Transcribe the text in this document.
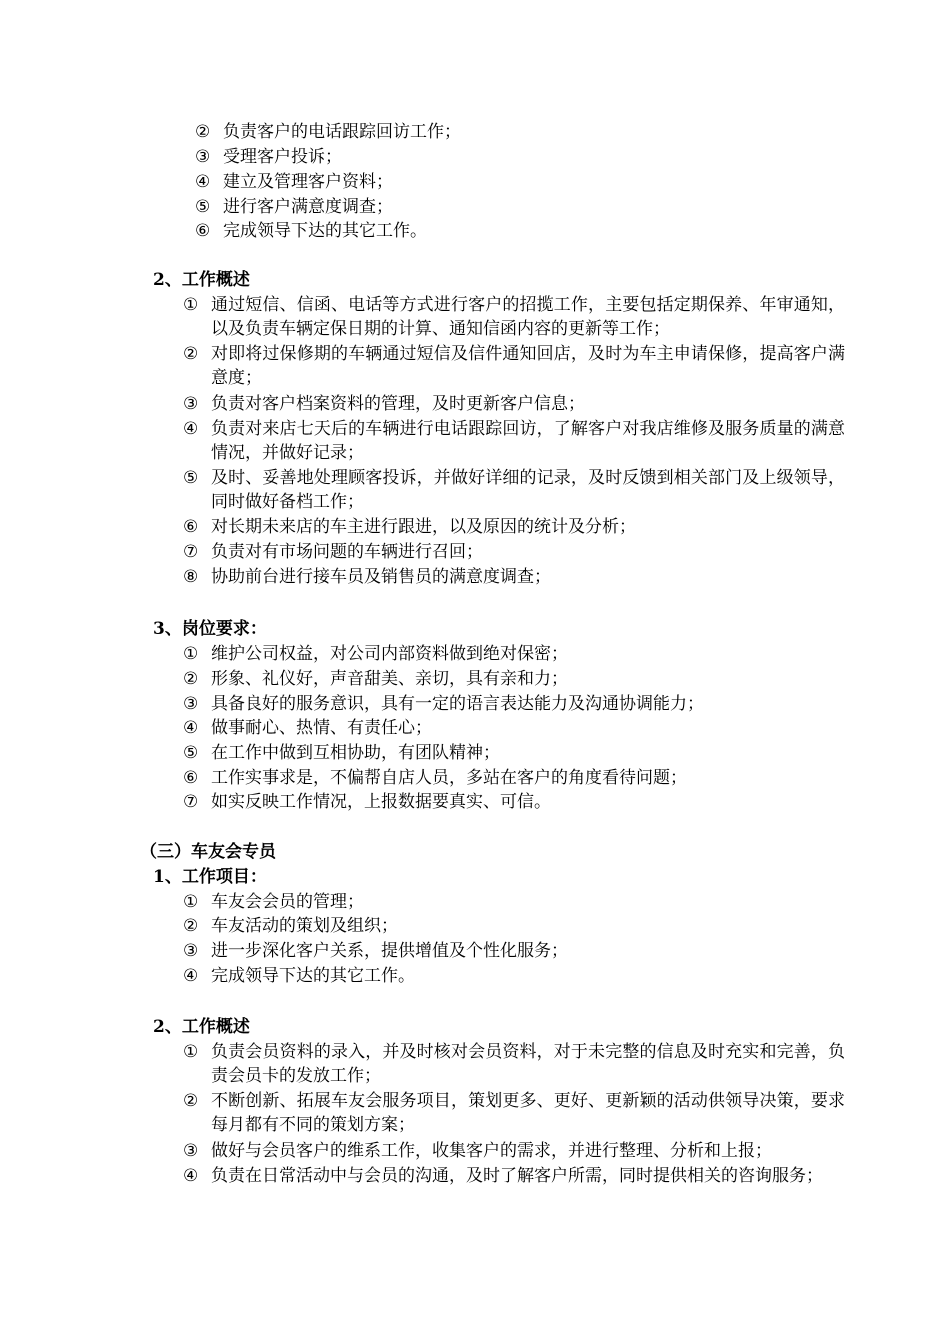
② 负责客户的电话跟踪回访工作；
③ 受理客户投诉；
④ 建立及管理客户资料；
⑤ 进行客户满意度调查；
⑥ 完成领导下达的其它工作。
2、工作概述
① 通过短信、信函、电话等方式进行客户的招揽工作，主要包括定期保养、年审通知，以及负责车辆定保日期的计算、通知信函内容的更新等工作；
② 对即将过保修期的车辆通过短信及信件通知回店，及时为车主申请保修，提高客户满意度；
③ 负责对客户档案资料的管理，及时更新客户信息；
④ 负责对来店七天后的车辆进行电话跟踪回访，了解客户对我店维修及服务质量的满意情况，并做好记录；
⑤ 及时、妥善地处理顾客投诉，并做好详细的记录，及时反馈到相关部门及上级领导，同时做好备档工作；
⑥ 对长期未来店的车主进行跟进，以及原因的统计及分析；
⑦ 负责对有市场问题的车辆进行召回；
⑧ 协助前台进行接车员及销售员的满意度调查；
3、岗位要求：
① 维护公司权益，对公司内部资料做到绝对保密；
② 形象、礼仪好，声音甜美、亲切，具有亲和力；
③ 具备良好的服务意识，具有一定的语言表达能力及沟通协调能力；
④ 做事耐心、热情、有责任心；
⑤ 在工作中做到互相协助，有团队精神；
⑥ 工作实事求是，不偏帮自店人员，多站在客户的角度看待问题；
⑦ 如实反映工作情况，上报数据要真实、可信。
（三）车友会专员
1、工作项目：
① 车友会会员的管理；
② 车友活动的策划及组织；
③ 进一步深化客户关系，提供增值及个性化服务；
④ 完成领导下达的其它工作。
2、工作概述
① 负责会员资料的录入，并及时核对会员资料，对于未完整的信息及时充实和完善，负责会员卡的发放工作；
② 不断创新、拓展车友会服务项目，策划更多、更好、更新颖的活动供领导决策，要求每月都有不同的策划方案；
③ 做好与会员客户的维系工作，收集客户的需求，并进行整理、分析和上报；
④ 负责在日常活动中与会员的沟通，及时了解客户所需，同时提供相关的咨询服务；
